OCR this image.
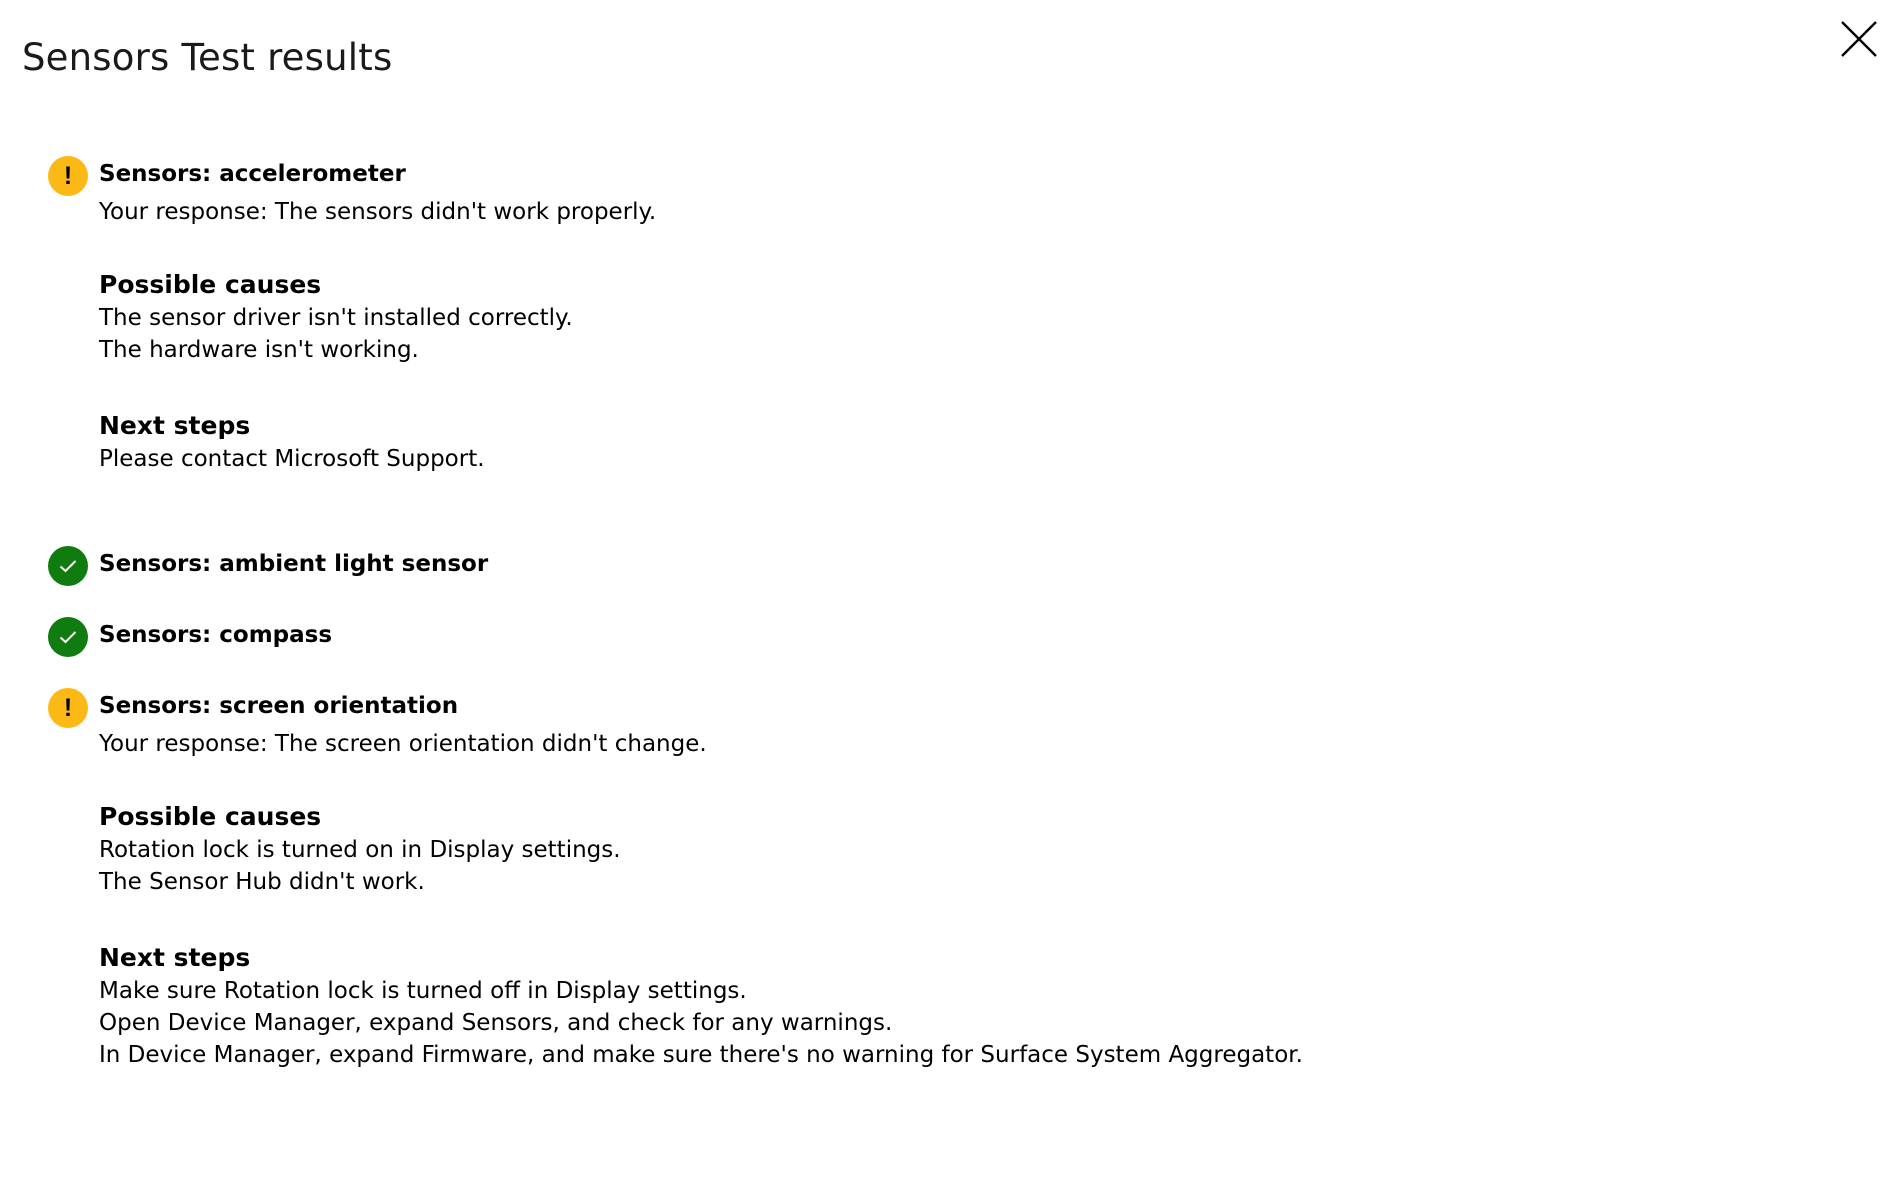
Sensors Test results
! Sensors: accelerometer
Your response: The sensors didn't work properly.
Possible causes
The sensor driver isn't installed correctly.
The hardware isn't working.
Next steps
Please contact Microsoft Support.
Sensors: ambient light sensor
Sensors: compass
! Sensors: screen orientation
Your response: The screen orientation didn't change.
Possible causes
Rotation lock is turned on in Display settings.
The Sensor Hub didn't work.
Next steps
Make sure Rotation lock is turned off in Display settings.
Open Device Manager, expand Sensors, and check for any warnings.
In Device Manager, expand Firmware, and make sure there's no warning for Surface System Aggregator.
